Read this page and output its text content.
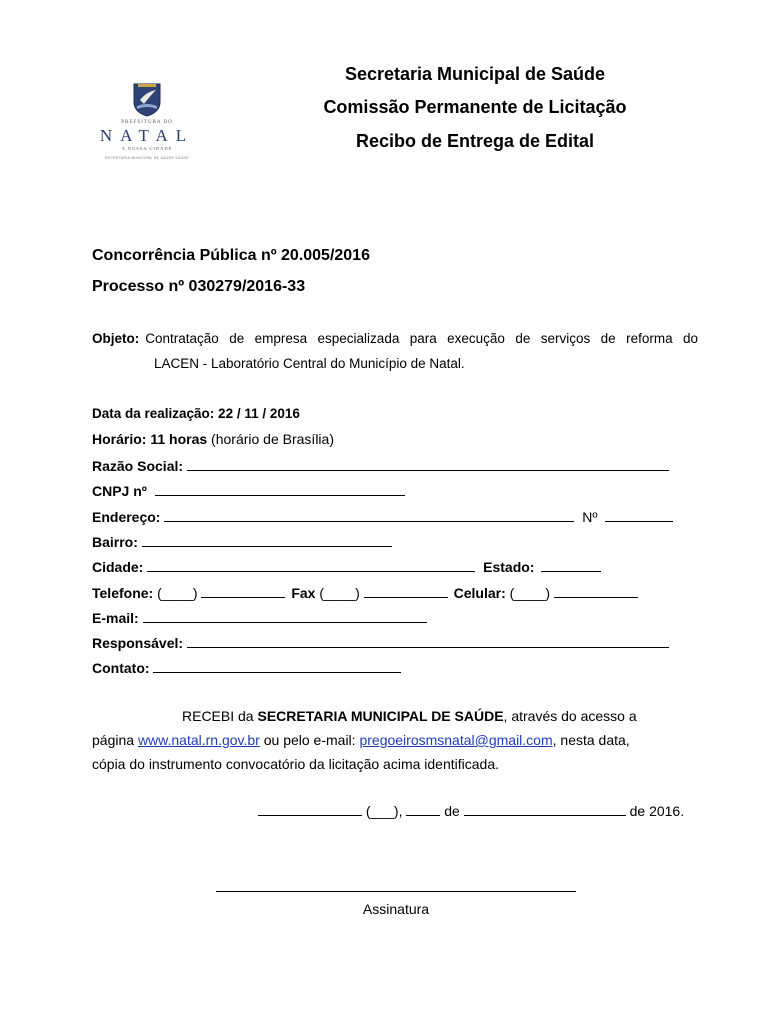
PREFEITURA DO
NATAL
A NOSSA CIDADE
SECRETARIA MUNICIPAL DE SAÚDE SAÚDE
Secretaria Municipal de Saúde
Comissão Permanente de Licitação
Recibo de Entrega de Edital
Concorrência Pública nº 20.005/2016
Processo nº 030279/2016-33
Objeto: Contratação de empresa especializada para execução de serviços de reforma do
LACEN - Laboratório Central do Município de Natal.
Data da realização: 22 / 11 / 2016
Horário: 11 horas (horário de Brasília)
Razão Social:
CNPJ nº
Endereço:	Nº
Bairro:
Cidade:	Estado:
Telefone: (____)	Fax (____)	Celular: (____)
E-mail:
Responsável:
Contato:
RECEBI da SECRETARIA MUNICIPAL DE SAÚDE, através do acesso a
página www.natal.rn.gov.br ou pelo e-mail: pregoeirosmsnatal@gmail.com, nesta data,
cópia do instrumento convocatório da licitação acima identificada.
(___),	de	de 2016.
Assinatura
